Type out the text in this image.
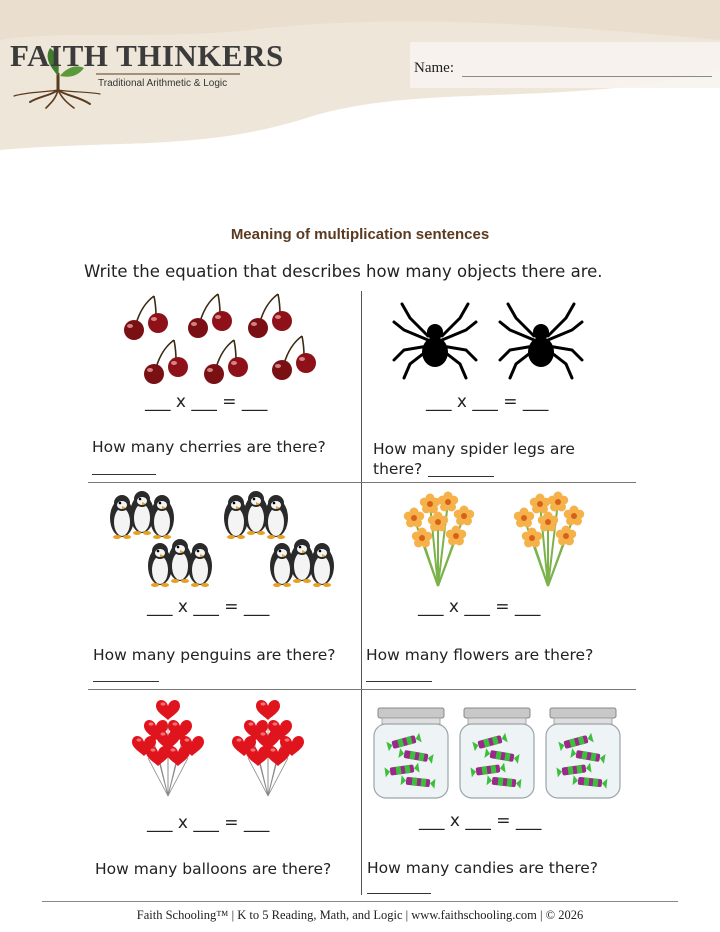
FAITH THINKERS
Traditional Arithmetic & Logic
Name:
Meaning of multiplication sentences
Write the equation that describes how many objects there are.
___ x ___ = ___
How many cherries are there?
___ x ___ = ___
How many spider legs are
there?
___ x ___ = ___
How many penguins are there?
___ x ___ = ___
How many flowers are there?
___ x ___ = ___
How many balloons are there?
___ x ___ = ___
How many candies are there?
Faith Schooling™ | K to 5 Reading, Math, and Logic | www.faithschooling.com | © 2026
